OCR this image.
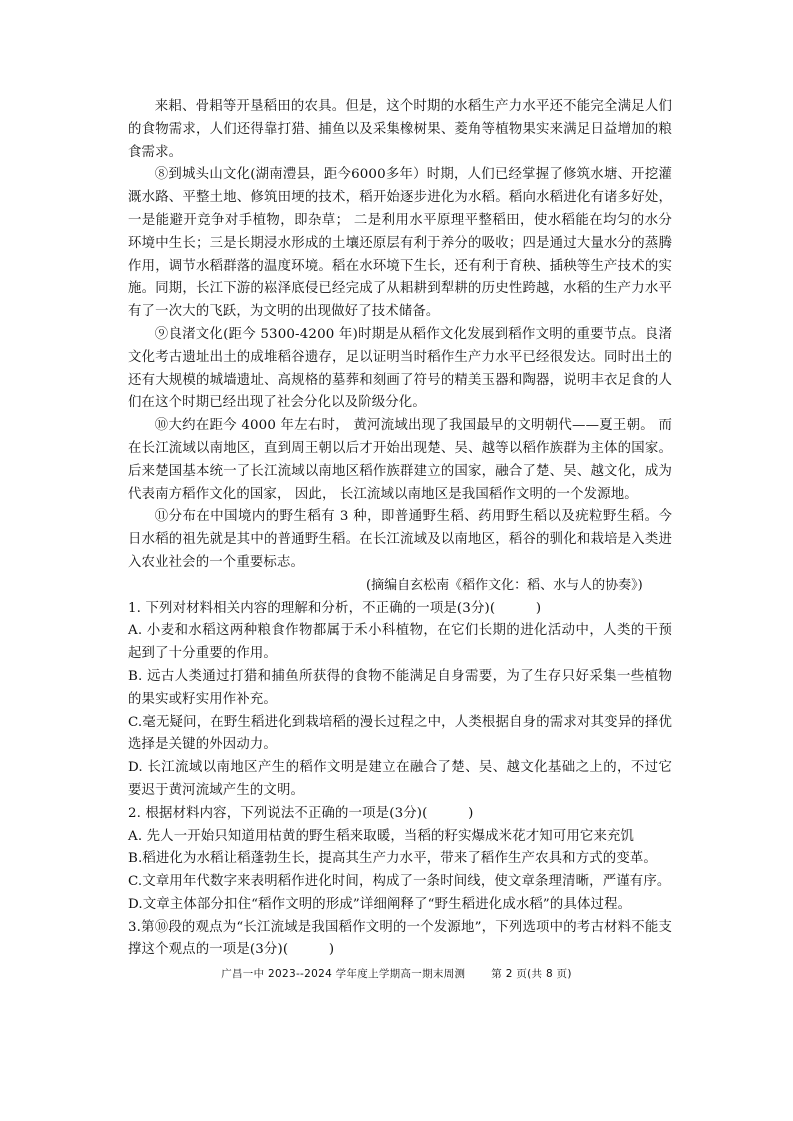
来耜、骨耜等开垦稻田的农具。但是，这个时期的水稻生产力水平还不能完全满足人们的食物需求，人们还得靠打猎、捕鱼以及采集橡树果、菱角等植物果实来满足日益增加的粮食需求。

⑧到城头山文化(湖南澧县，距今6000多年）时期，人们已经掌握了修筑水塘、开挖灌溉水路、平整土地、修筑田埂的技术，稻开始逐步进化为水稻。稻向水稻进化有诸多好处，一是能避开竞争对手植物，即杂草； 二是利用水平原理平整稻田，使水稻能在均匀的水分环境中生长；三是长期浸水形成的土壤还原层有利于养分的吸收；四是通过大量水分的蒸腾作用，调节水稻群落的温度环境。稻在水环境下生长，还有利于育秧、插秧等生产技术的实施。同期，长江下游的崧泽底侵已经完成了从耜耕到犁耕的历史性跨越，水稻的生产力水平有了一次大的飞跃，为文明的出现做好了技术储备。

⑨良渚文化(距今 5300-4200 年)时期是从稻作文化发展到稻作文明的重要节点。良渚文化考古遗址出土的成堆稻谷遗存，足以证明当时稻作生产力水平已经很发达。同时出土的还有大规模的城墙遗址、高规格的墓葬和刻画了符号的精美玉器和陶器，说明丰衣足食的人们在这个时期已经出现了社会分化以及阶级分化。

⑩大约在距今 4000 年左右时， 黄河流域出现了我国最早的文明朝代——夏王朝。 而在长江流域以南地区，直到周王朝以后才开始出现楚、吴、越等以稻作族群为主体的国家。后来楚国基本统一了长江流域以南地区稻作族群建立的国家，融合了楚、吴、越文化，成为代表南方稻作文化的国家， 因此， 长江流域以南地区是我国稻作文明的一个发源地。

⑪分布在中国境内的野生稻有 3 种，即普通野生稻、药用野生稻以及疣粒野生稻。今日水稻的祖先就是其中的普通野生稻。在长江流域及以南地区，稻谷的驯化和栽培是入类进入农业社会的一个重要标志。

(摘编自玄松南《稻作文化：稻、水与人的协奏》)

1. 下列对材料相关内容的理解和分析，不正确的一项是(3分)(　　　)

A. 小麦和水稻这两种粮食作物都属于禾小科植物，在它们长期的进化活动中，人类的干预起到了十分重要的作用。

B. 远古人类通过打猎和捕鱼所获得的食物不能满足自身需要，为了生存只好采集一些植物的果实或籽实用作补充。

C.毫无疑问，在野生稻进化到栽培稻的漫长过程之中，人类根据自身的需求对其变异的择优选择是关键的外因动力。

D. 长江流域以南地区产生的稻作文明是建立在融合了楚、吴、越文化基础之上的，不过它要迟于黄河流域产生的文明。

2. 根据材料内容，下列说法不正确的一项是(3分)(　　　)

A. 先人一开始只知道用枯黄的野生稻来取暖，当稻的籽实爆成米花才知可用它来充饥

B.稻进化为水稻让稻蓬勃生长，提高其生产力水平，带来了稻作生产农具和方式的变革。

C.文章用年代数字来表明稻作进化时间，构成了一条时间线，使文章条理清晰，严谨有序。

D.文章主体部分扣住“稻作文明的形成”详细阐释了“野生稻进化成水稻”的具体过程。

3.第⑩段的观点为“长江流域是我国稻作文明的一个发源地”，下列选项中的考古材料不能支撑这个观点的一项是(3分)(　　　)

广昌一中 2023--2024 学年度上学期高一期末周测 第 2 页(共 8 页)
